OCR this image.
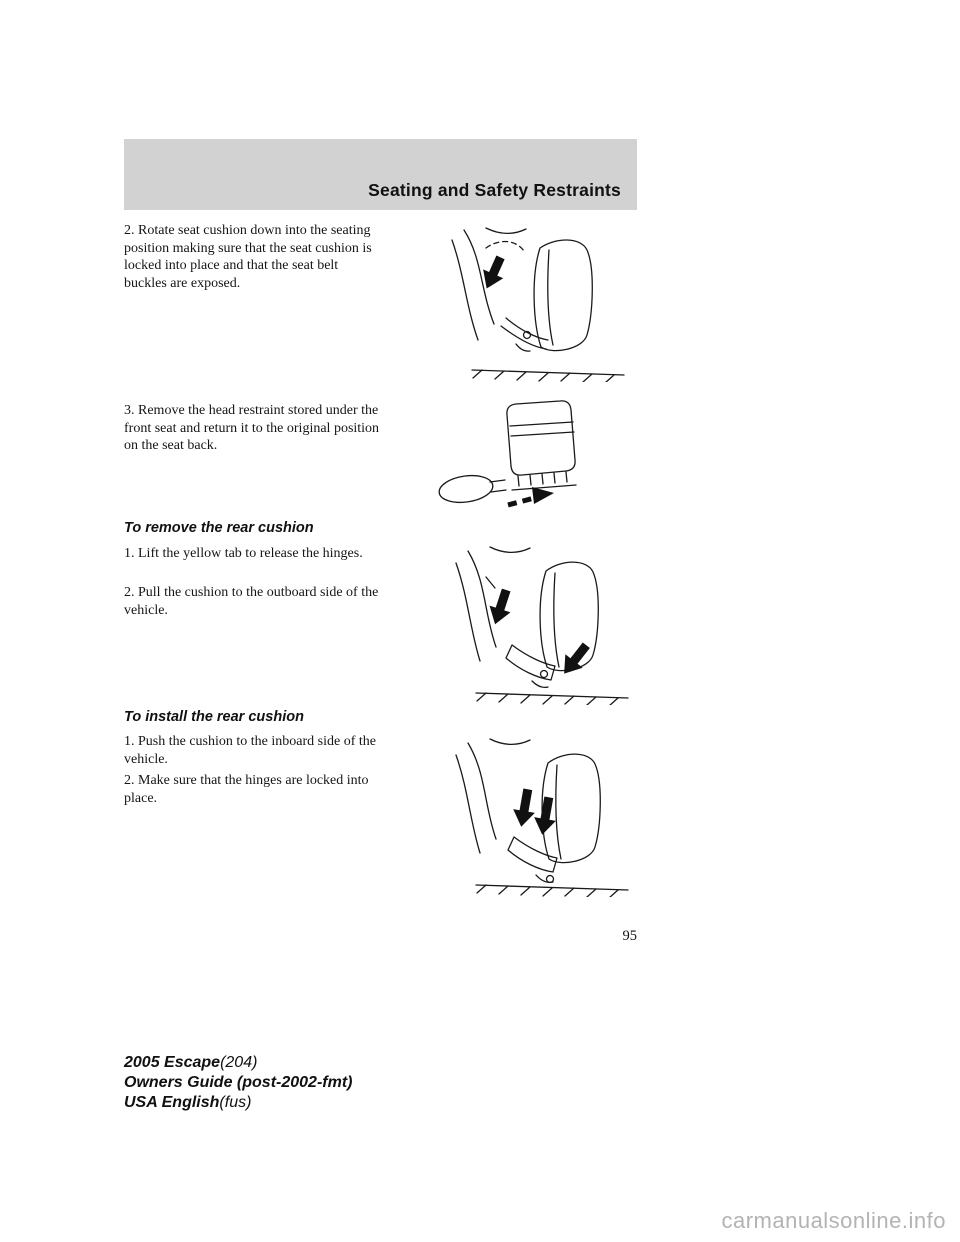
Seating and Safety Restraints

2. Rotate seat cushion down into the seating position making sure that the seat cushion is locked into place and that the seat belt buckles are exposed.

3. Remove the head restraint stored under the front seat and return it to the original position on the seat back.

To remove the rear cushion

1. Lift the yellow tab to release the hinges.

2. Pull the cushion to the outboard side of the vehicle.

To install the rear cushion

1. Push the cushion to the inboard side of the vehicle.

2. Make sure that the hinges are locked into place.

95
2005 Escape(204)
Owners Guide (post-2002-fmt)
USA English(fus)
carmanualsonline.info
